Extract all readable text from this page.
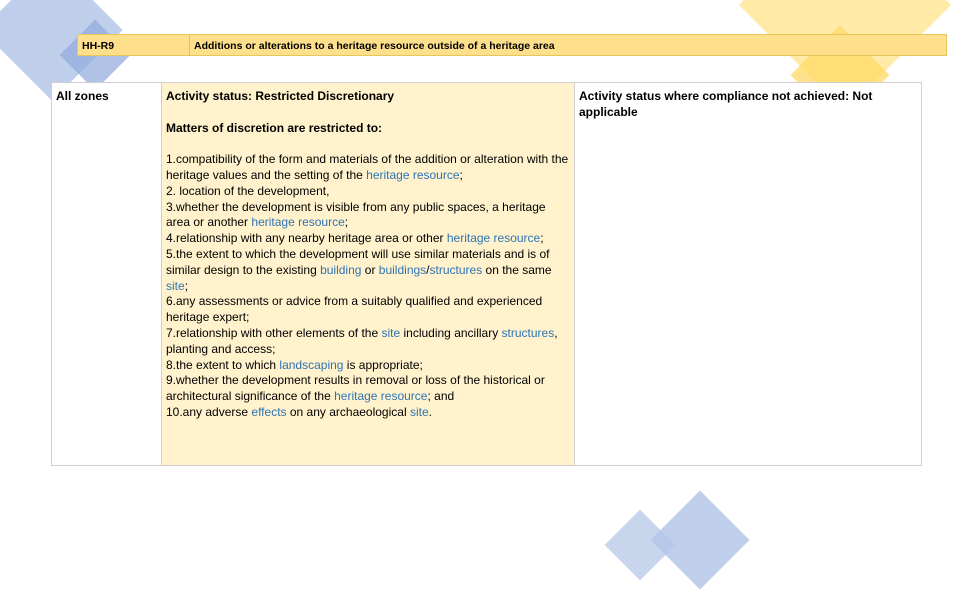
HH-R9	Additions or alterations to a heritage resource outside of a heritage area
All zones	Activity status: Restricted Discretionary
Matters of discretion are restricted to:
1.compatibility of the form and materials of the addition or alteration with the heritage values and the setting of the heritage resource;
2. location of the development,
3.whether the development is visible from any public spaces, a heritage area or another heritage resource;
4.relationship with any nearby heritage area or other heritage resource;
5.the extent to which the development will use similar materials and is of similar design to the existing building or buildings/structures on the same site;
6.any assessments or advice from a suitably qualified and experienced heritage expert;
7.relationship with other elements of the site including ancillary structures, planting and access;
8.the extent to which landscaping is appropriate;
9.whether the development results in removal or loss of the historical or architectural significance of the heritage resource; and
10.any adverse effects on any archaeological site.
Activity status where compliance not achieved: Not applicable
